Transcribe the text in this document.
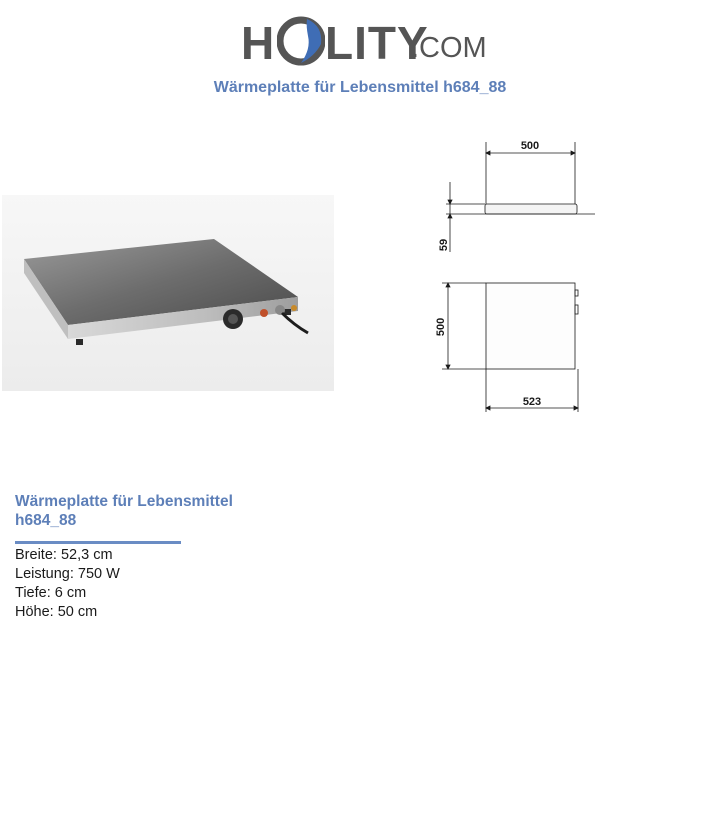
H LITY
.COM
Wärmeplatte für Lebensmittel h684_88
500
59
500
523
Wärmeplatte für Lebensmittel
h684_88
Breite: 52,3 cm
Leistung: 750 W
Tiefe: 6 cm
Höhe: 50 cm
